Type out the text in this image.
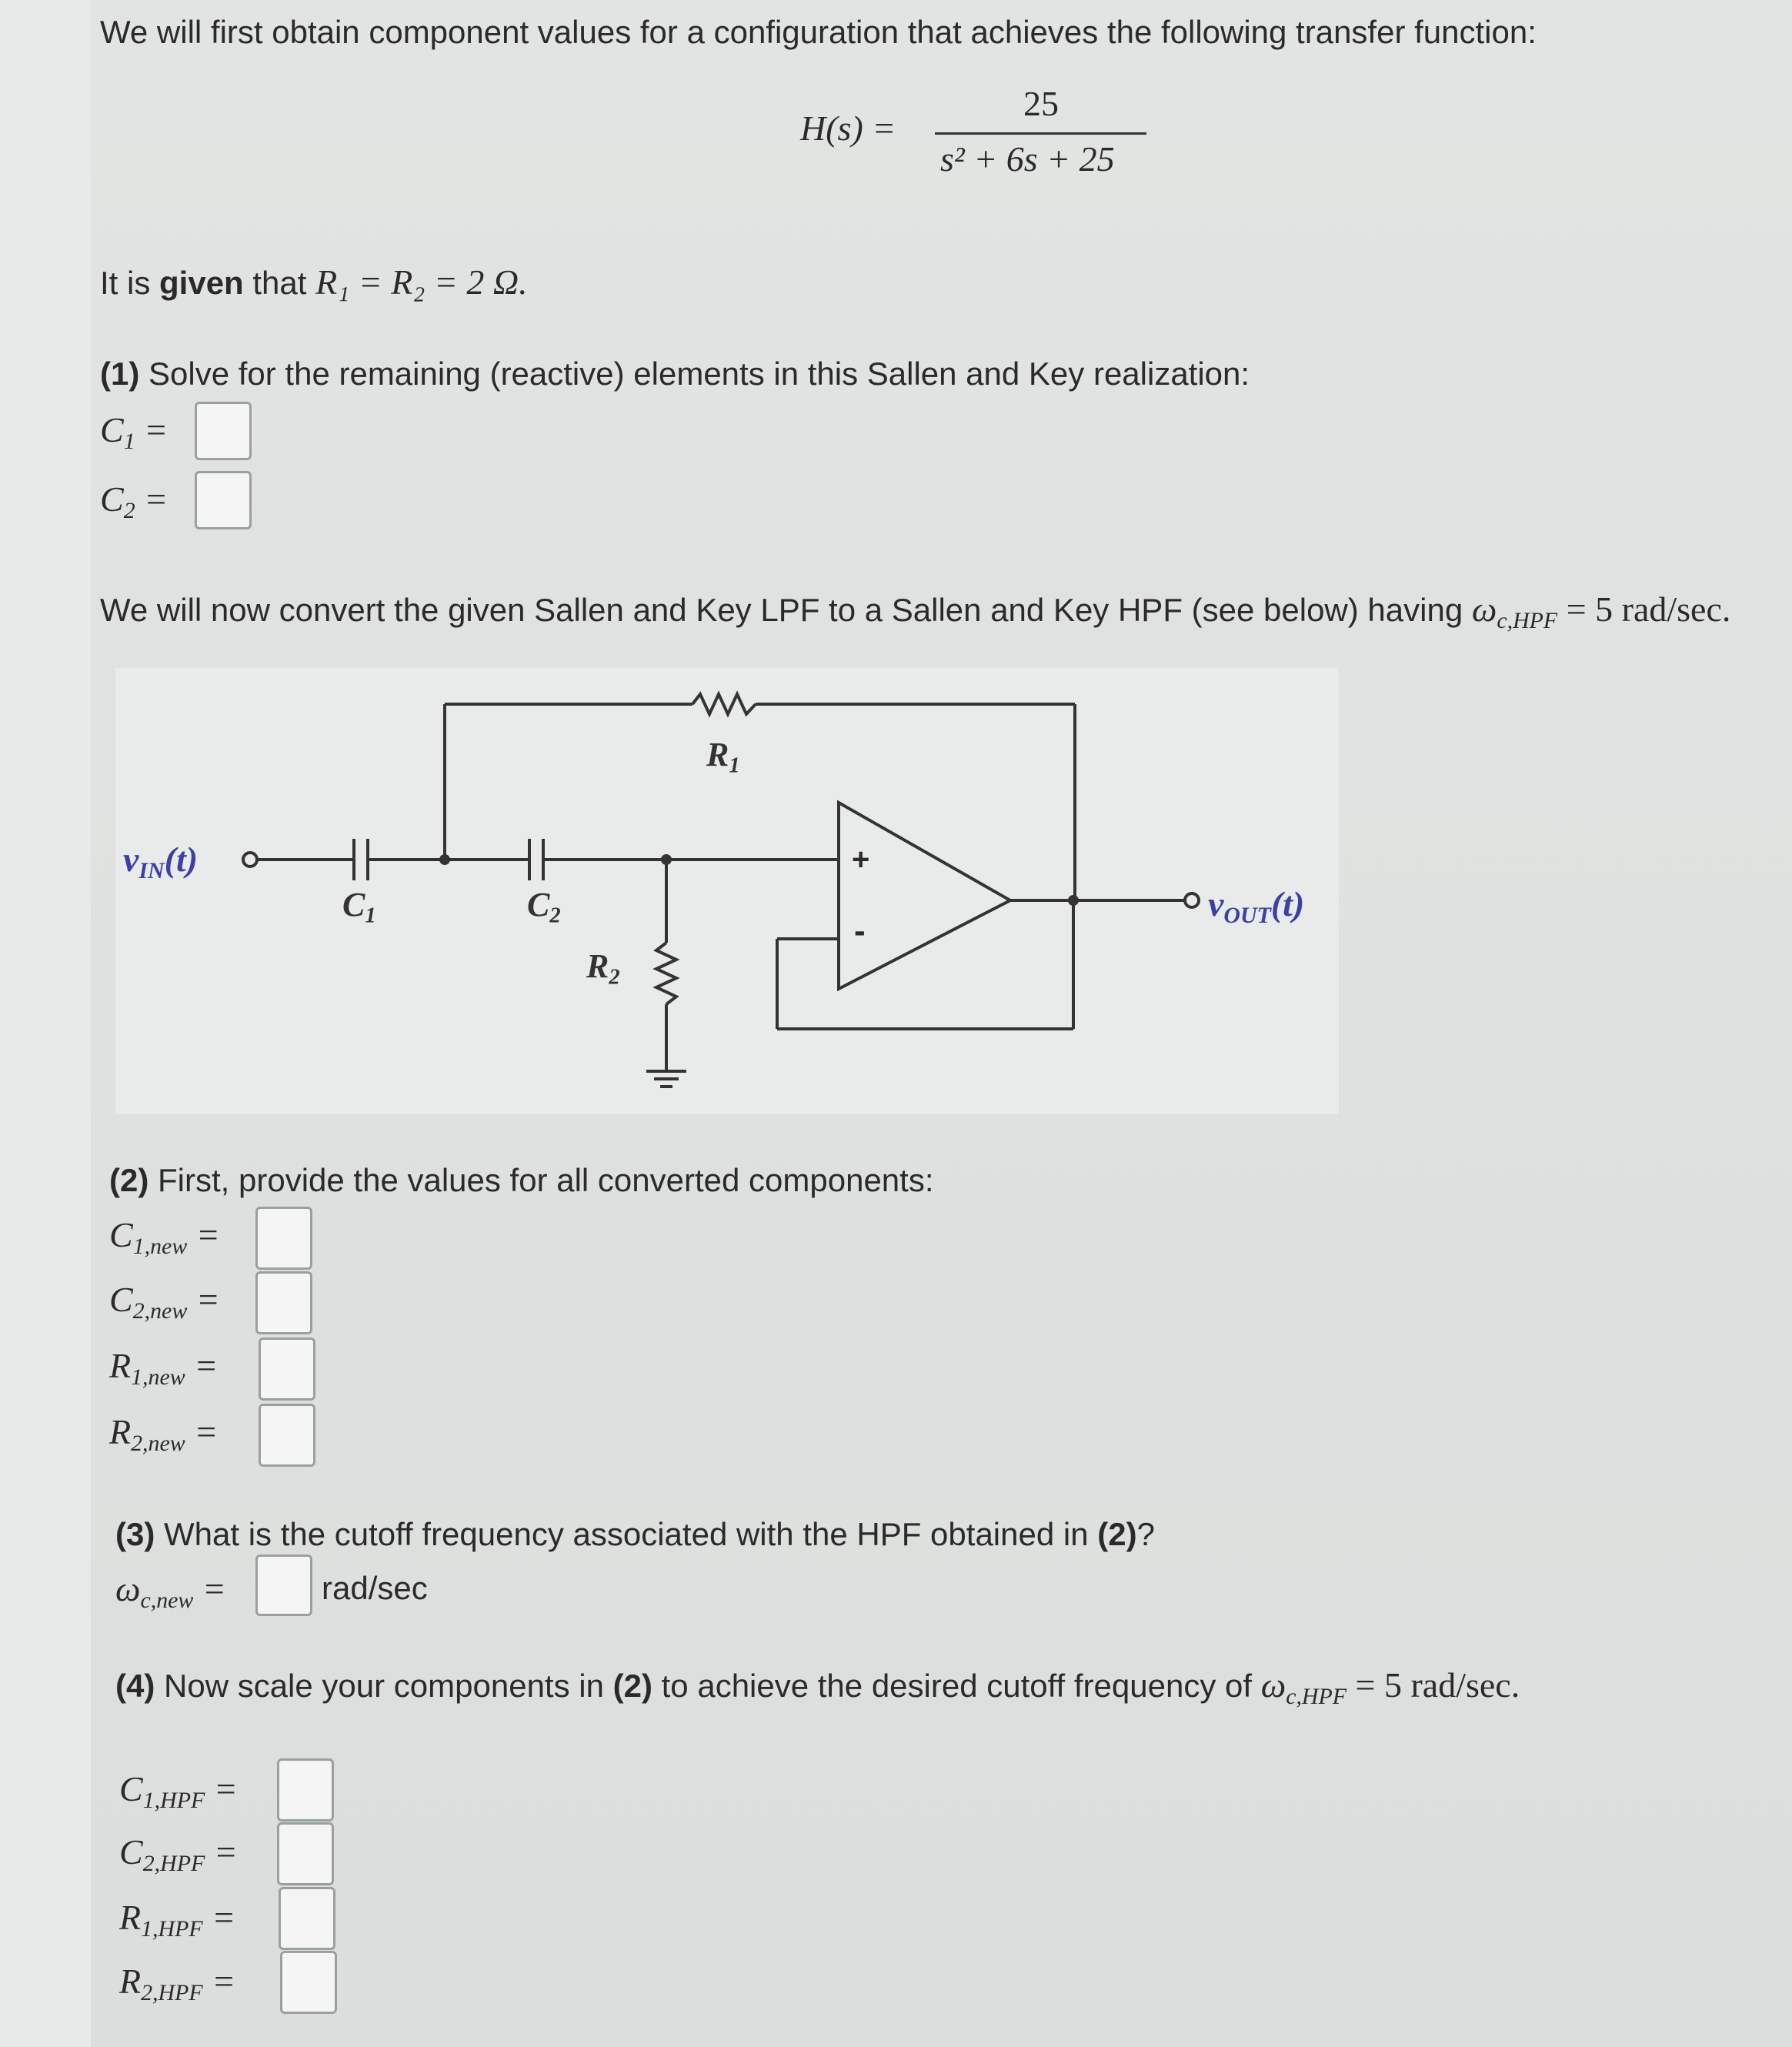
We will first obtain component values for a configuration that achieves the following transfer function:
H(s) =
25
s² + 6s + 25
It is given that R₁ = R₂ = 2 Ω.
(1) Solve for the remaining (reactive) elements in this Sallen and Key realization:
$C_1$ =
$C_2$ =
We will now convert the given Sallen and Key LPF to a Sallen and Key HPF (see below) having $\omega_{c,HPF} = 5$ rad/sec.
$v_{IN}(t)$
$v_{OUT}(t)$
$C_1$	$C_2$
$R_1$
$R_2$
+
-
(2) First, provide the values for all converted components:
$C_{1,new}$ =
$C_{2,new}$ =
$R_{1,new}$ =
$R_{2,new}$ =
(3) What is the cutoff frequency associated with the HPF obtained in (2)?
$\omega_{c,new}$ =	rad/sec
(4) Now scale your components in (2) to achieve the desired cutoff frequency of $\omega_{c,HPF} = 5$ rad/sec.
$C_{1,HPF}$ =
$C_{2,HPF}$ =
$R_{1,HPF}$ =
$R_{2,HPF}$ =
